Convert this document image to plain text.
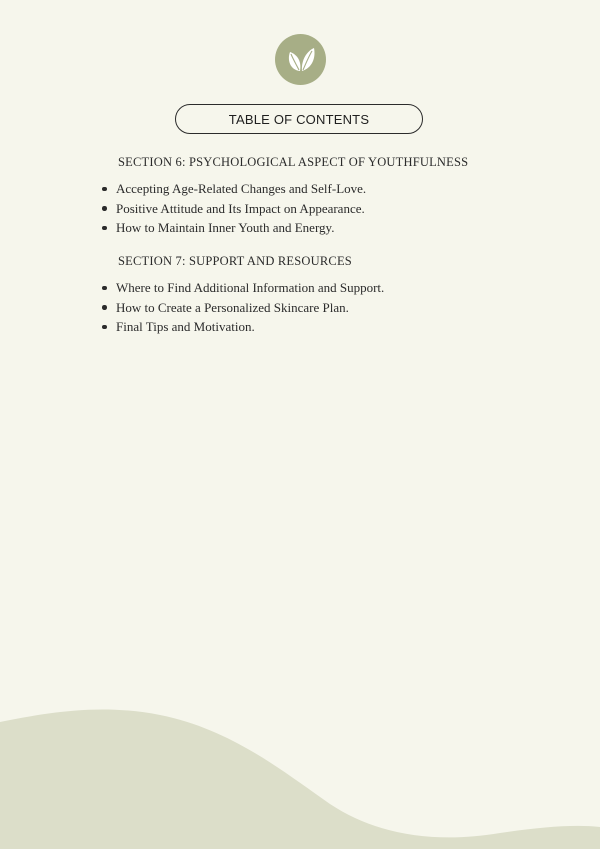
TABLE OF CONTENTS
SECTION 6: PSYCHOLOGICAL ASPECT OF YOUTHFULNESS
Accepting Age-Related Changes and Self-Love.
Positive Attitude and Its Impact on Appearance.
How to Maintain Inner Youth and Energy.
SECTION 7: SUPPORT AND RESOURCES
Where to Find Additional Information and Support.
How to Create a Personalized Skincare Plan.
Final Tips and Motivation.
